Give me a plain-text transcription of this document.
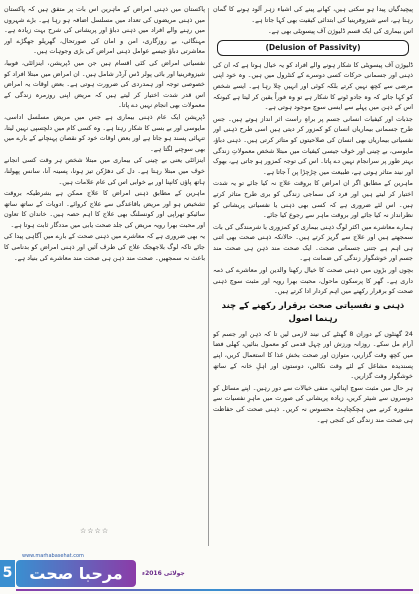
پیچیدگیاں پیدا ہو سکتی ہیں، کھانے پینے کی اشیاء زہر آلود ہونے کا گمان رہتا ہے، اسے شیزوفرینیا کی ابتدائی کیفیت بھی کہا جاتا ہے۔

اس بیماری کی ایک قسم ڈلیوژن آف پیسویٹی بھی ہے۔

(Delusion of Passivity)

ڈلیوژن آف پیسویٹی کا شکار ہونے والے افراد کو یہ خیال ہوتا ہے کہ ان کی ذہنی اور جسمانی حرکات کسی دوسرے کے کنٹرول میں ہیں۔ وہ خود اپنی مرضی سے کچھ نہیں کرتے بلکہ کوئی اور انہیں چلا رہا ہے۔ ایسے شخص کو کہا جائے کہ وہ جادو ٹونے کا شکار ہے تو وہ فوراً یقین کر لیتا ہے کیونکہ اس کے ذہن میں پہلے سے ایسی سوچ موجود ہوتی ہے۔

جذبات اور کیفیات انسانی جسم پر براہِ راست اثر انداز ہوتے ہیں۔ جس طرح جسمانی بیماریاں انسان کو کمزور کر دیتی ہیں اسی طرح ذہنی اور نفسیاتی بیماریاں بھی انسان کی صلاحیتوں کو متاثر کرتی ہیں۔ ذہنی دباؤ، مایوسی، بے چینی اور خوف جیسی کیفیات میں مبتلا شخص معمولاتِ زندگی بہتر طور پر سرانجام نہیں دے پاتا۔ اس کی توجہ کمزور ہو جاتی ہے، بھوک اور نیند متاثر ہوتی ہے، طبیعت میں چڑچڑا پن آ جاتا ہے۔

ماہرین کے مطابق اگر ان امراض کا بروقت علاج نہ کیا جائے تو یہ شدت اختیار کر لیتے ہیں اور فرد کی سماجی زندگی کو بری طرح متاثر کرتے ہیں۔ اس لئے ضروری ہے کہ کسی بھی ذہنی یا نفسیاتی پریشانی کو نظرانداز نہ کیا جائے اور بروقت ماہر سے رجوع کیا جائے۔

ہمارے معاشرے میں اکثر لوگ ذہنی بیماری کو کمزوری یا شرمندگی کی بات سمجھتے ہیں اور علاج سے گریز کرتے ہیں۔ حالانکہ ذہنی صحت بھی اتنی ہی اہم ہے جتنی جسمانی صحت۔ ایک صحت مند ذہن ہی صحت مند جسم اور خوشگوار زندگی کی ضمانت ہے۔

بچوں اور بڑوں میں ذہنی صحت کا خیال رکھنا والدین اور معاشرے کی ذمہ داری ہے۔ گھر کا پرسکون ماحول، محبت بھرا رویہ اور مثبت سوچ ذہنی صحت کو برقرار رکھنے میں اہم کردار ادا کرتے ہیں۔

ذہنی و نفسیاتی صحت برقرار رکھنے کے چند رہنما اصول

24 گھنٹوں کے دوران 8 گھنٹے کی نیند لازمی لیں تا کہ ذہن اور جسم کو آرام مل سکے۔ روزانہ ورزش اور چہل قدمی کو معمول بنائیں، کھلی فضا میں کچھ وقت گزاریں، متوازن اور صحت بخش غذا کا استعمال کریں، اپنے پسندیدہ مشاغل کے لئے وقت نکالیں، دوستوں اور اہلِ خانہ کے ساتھ خوشگوار وقت گزاریں۔

ہر حال میں مثبت سوچ اپنائیں، منفی خیالات سے دور رہیں۔ اپنے مسائل کو دوسروں سے شیئر کریں، زیادہ پریشانی کی صورت میں ماہرِ نفسیات سے مشورہ کرنے میں ہچکچاہٹ محسوس نہ کریں۔ ذہنی صحت کی حفاظت ہی صحت مند زندگی کی کنجی ہے۔

پاکستان میں ذہنی امراض کے ماہرین اس بات پر متفق ہیں کہ پاکستان میں ذہنی مریضوں کی تعداد میں مسلسل اضافہ ہو رہا ہے۔ بڑے شہروں میں رہنے والے افراد میں ذہنی دباؤ اور پریشانی کی شرح بہت زیادہ ہے۔ مہنگائی، بے روزگاری، امن و امان کی صورتحال، گھریلو جھگڑے اور معاشرتی دباؤ جیسے عوامل ذہنی امراض کی بڑی وجوہات ہیں۔

نفسیاتی امراض کی کئی اقسام ہیں جن میں ڈپریشن، اینزائٹی، فوبیا، شیزوفرینیا اور بائی پولر ڈس آرڈر شامل ہیں۔ ان امراض میں مبتلا افراد کو خصوصی توجہ اور ہمدردی کی ضرورت ہوتی ہے۔ بعض اوقات یہ امراض اس قدر شدت اختیار کر لیتے ہیں کہ مریض اپنی روزمرہ زندگی کے معمولات بھی انجام نہیں دے پاتا۔

ڈپریشن ایک عام ذہنی بیماری ہے جس میں مریض مسلسل اداسی، مایوسی اور بے بسی کا شکار رہتا ہے۔ وہ کسی کام میں دلچسپی نہیں لیتا، تنہائی پسند ہو جاتا ہے اور بعض اوقات خود کو نقصان پہنچانے کے بارے میں بھی سوچنے لگتا ہے۔

اینزائٹی یعنی بے چینی کی بیماری میں مبتلا شخص ہر وقت کسی انجانے خوف میں مبتلا رہتا ہے۔ دل کی دھڑکن تیز ہونا، پسینہ آنا، سانس پھولنا، ہاتھ پاؤں کانپنا اور بے خوابی اس کی عام علامات ہیں۔

ماہرین کے مطابق ذہنی امراض کا علاج ممکن ہے بشرطیکہ بروقت تشخیص ہو اور مریض باقاعدگی سے علاج کروائے۔ ادویات کے ساتھ ساتھ سائیکو تھراپی اور کونسلنگ بھی علاج کا اہم حصہ ہیں۔ خاندان کا تعاون اور محبت بھرا رویہ مریض کی جلد صحت یابی میں مددگار ثابت ہوتا ہے۔

یہ بھی ضروری ہے کہ معاشرے میں ذہنی صحت کے بارے میں آگاہی پیدا کی جائے تاکہ لوگ بلاجھجک علاج کی طرف آئیں اور ذہنی امراض کو بدنامی کا باعث نہ سمجھیں۔ صحت مند ذہن ہی صحت مند معاشرے کی بنیاد ہے۔

☆☆☆☆
www.marhabasehat.com
5	مرحبا صحت	جولائی 2016ء
